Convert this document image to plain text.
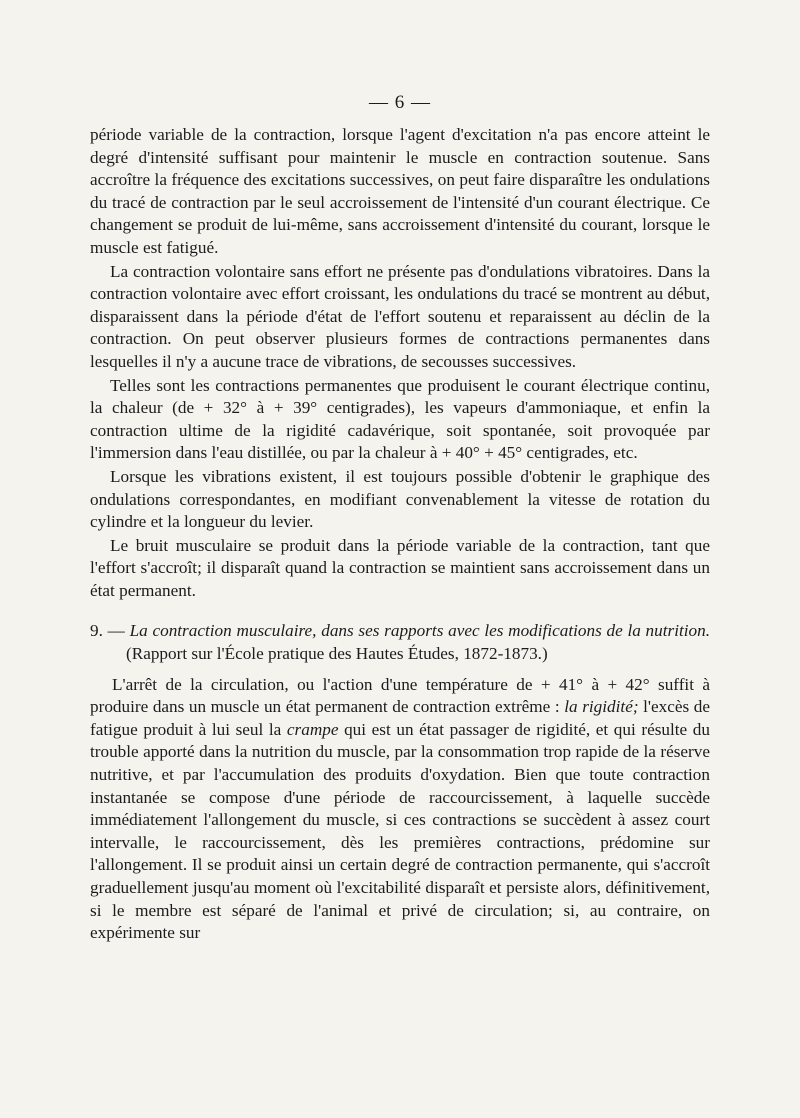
— 6 —

période variable de la contraction, lorsque l'agent d'excitation n'a pas encore atteint le degré d'intensité suffisant pour maintenir le muscle en contraction soutenue. Sans accroître la fréquence des excitations successives, on peut faire disparaître les ondulations du tracé de contraction par le seul accroissement de l'intensité d'un courant électrique. Ce changement se produit de lui-même, sans accroissement d'intensité du courant, lorsque le muscle est fatigué.

La contraction volontaire sans effort ne présente pas d'ondulations vibratoires. Dans la contraction volontaire avec effort croissant, les ondulations du tracé se montrent au début, disparaissent dans la période d'état de l'effort soutenu et reparaissent au déclin de la contraction. On peut observer plusieurs formes de contractions permanentes dans lesquelles il n'y a aucune trace de vibrations, de secousses successives.

Telles sont les contractions permanentes que produisent le courant électrique continu, la chaleur (de + 32° à + 39° centigrades), les vapeurs d'ammoniaque, et enfin la contraction ultime de la rigidité cadavérique, soit spontanée, soit provoquée par l'immersion dans l'eau distillée, ou par la chaleur à + 40° + 45° centigrades, etc.

Lorsque les vibrations existent, il est toujours possible d'obtenir le graphique des ondulations correspondantes, en modifiant convenablement la vitesse de rotation du cylindre et la longueur du levier.

Le bruit musculaire se produit dans la période variable de la contraction, tant que l'effort s'accroît; il disparaît quand la contraction se maintient sans accroissement dans un état permanent.

9. — La contraction musculaire, dans ses rapports avec les modifications de la nutrition. (Rapport sur l'École pratique des Hautes Études, 1872-1873.)

L'arrêt de la circulation, ou l'action d'une température de + 41° à + 42° suffit à produire dans un muscle un état permanent de contraction extrême : la rigidité; l'excès de fatigue produit à lui seul la crampe qui est un état passager de rigidité, et qui résulte du trouble apporté dans la nutrition du muscle, par la consommation trop rapide de la réserve nutritive, et par l'accumulation des produits d'oxydation. Bien que toute contraction instantanée se compose d'une période de raccourcissement, à laquelle succède immédiatement l'allongement du muscle, si ces contractions se succèdent à assez court intervalle, le raccourcissement, dès les premières contractions, prédomine sur l'allongement. Il se produit ainsi un certain degré de contraction permanente, qui s'accroît graduellement jusqu'au moment où l'excitabilité disparaît et persiste alors, définitivement, si le membre est séparé de l'animal et privé de circulation; si, au contraire, on expérimente sur
